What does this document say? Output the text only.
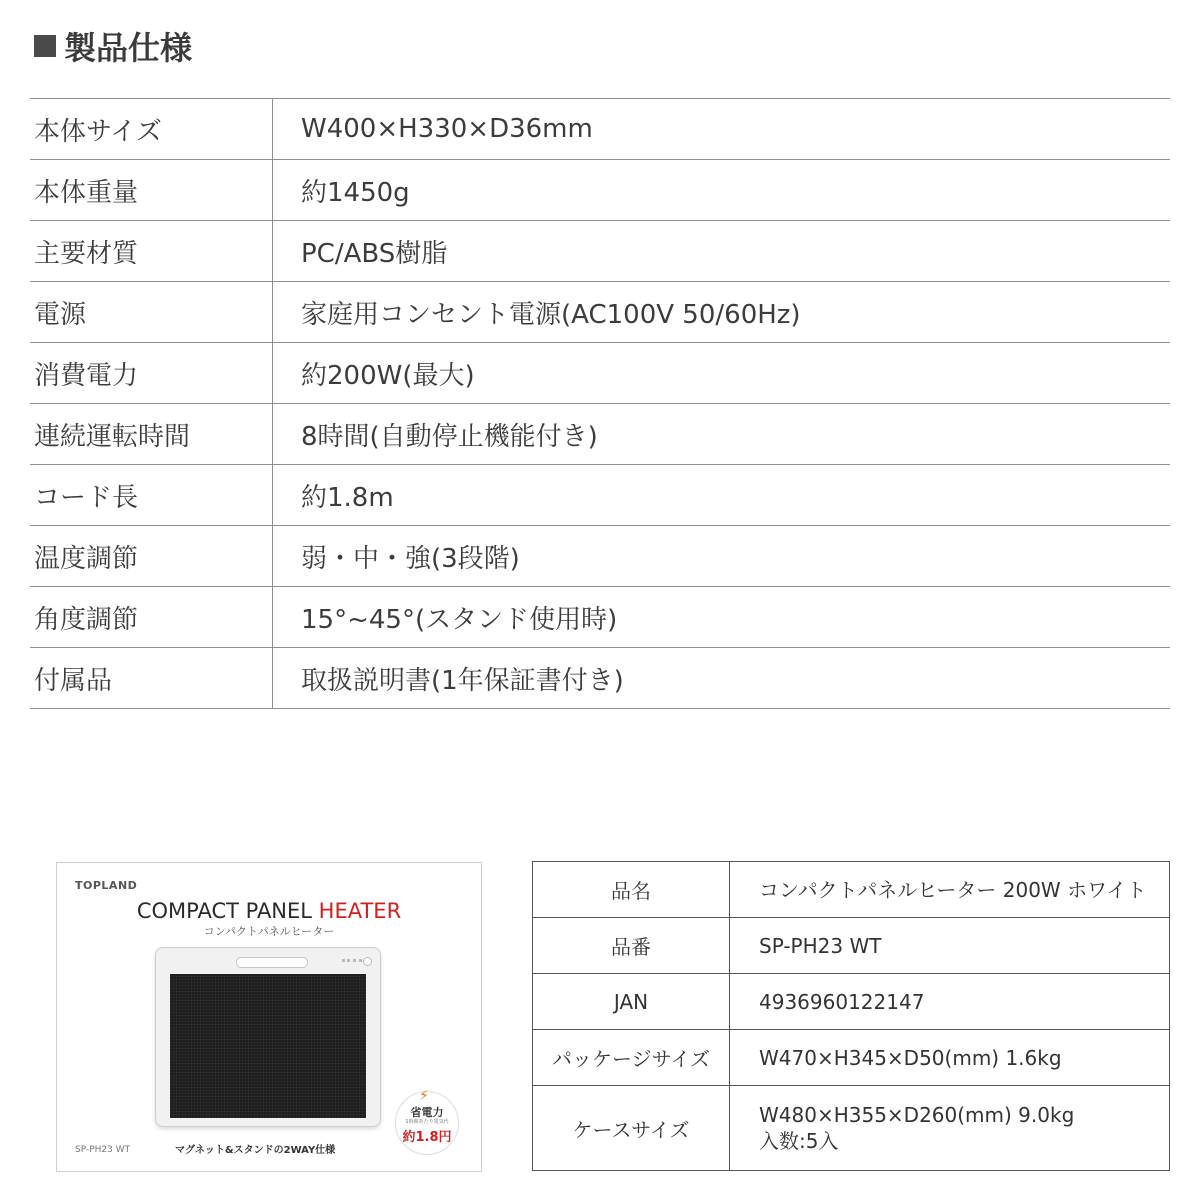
製品仕様
本体サイズ	W400×H330×D36mm
本体重量	約1450g
主要材質	PC/ABS樹脂
電源	家庭用コンセント電源(AC100V 50/60Hz)
消費電力	約200W(最大)
連続運転時間	8時間(自動停止機能付き)
コード長	約1.8m
温度調節	弱・中・強(3段階)
角度調節	15°~45°(スタンド使用時)
付属品	取扱説明書(1年保証書付き)
TOPLAND
COMPACT PANEL HEATER
コンパクトパネルヒーター
⚡
省電力
1時間あたり電気代
約1.8円
SP-PH23 WT	マグネット&スタンドの2WAY仕様
品名	コンパクトパネルヒーター 200W ホワイト
品番	SP-PH23 WT
JAN	4936960122147
パッケージサイズ	W470×H345×D50(mm) 1.6kg
ケースサイズ	W480×H355×D260(mm) 9.0kg
入数:5入
